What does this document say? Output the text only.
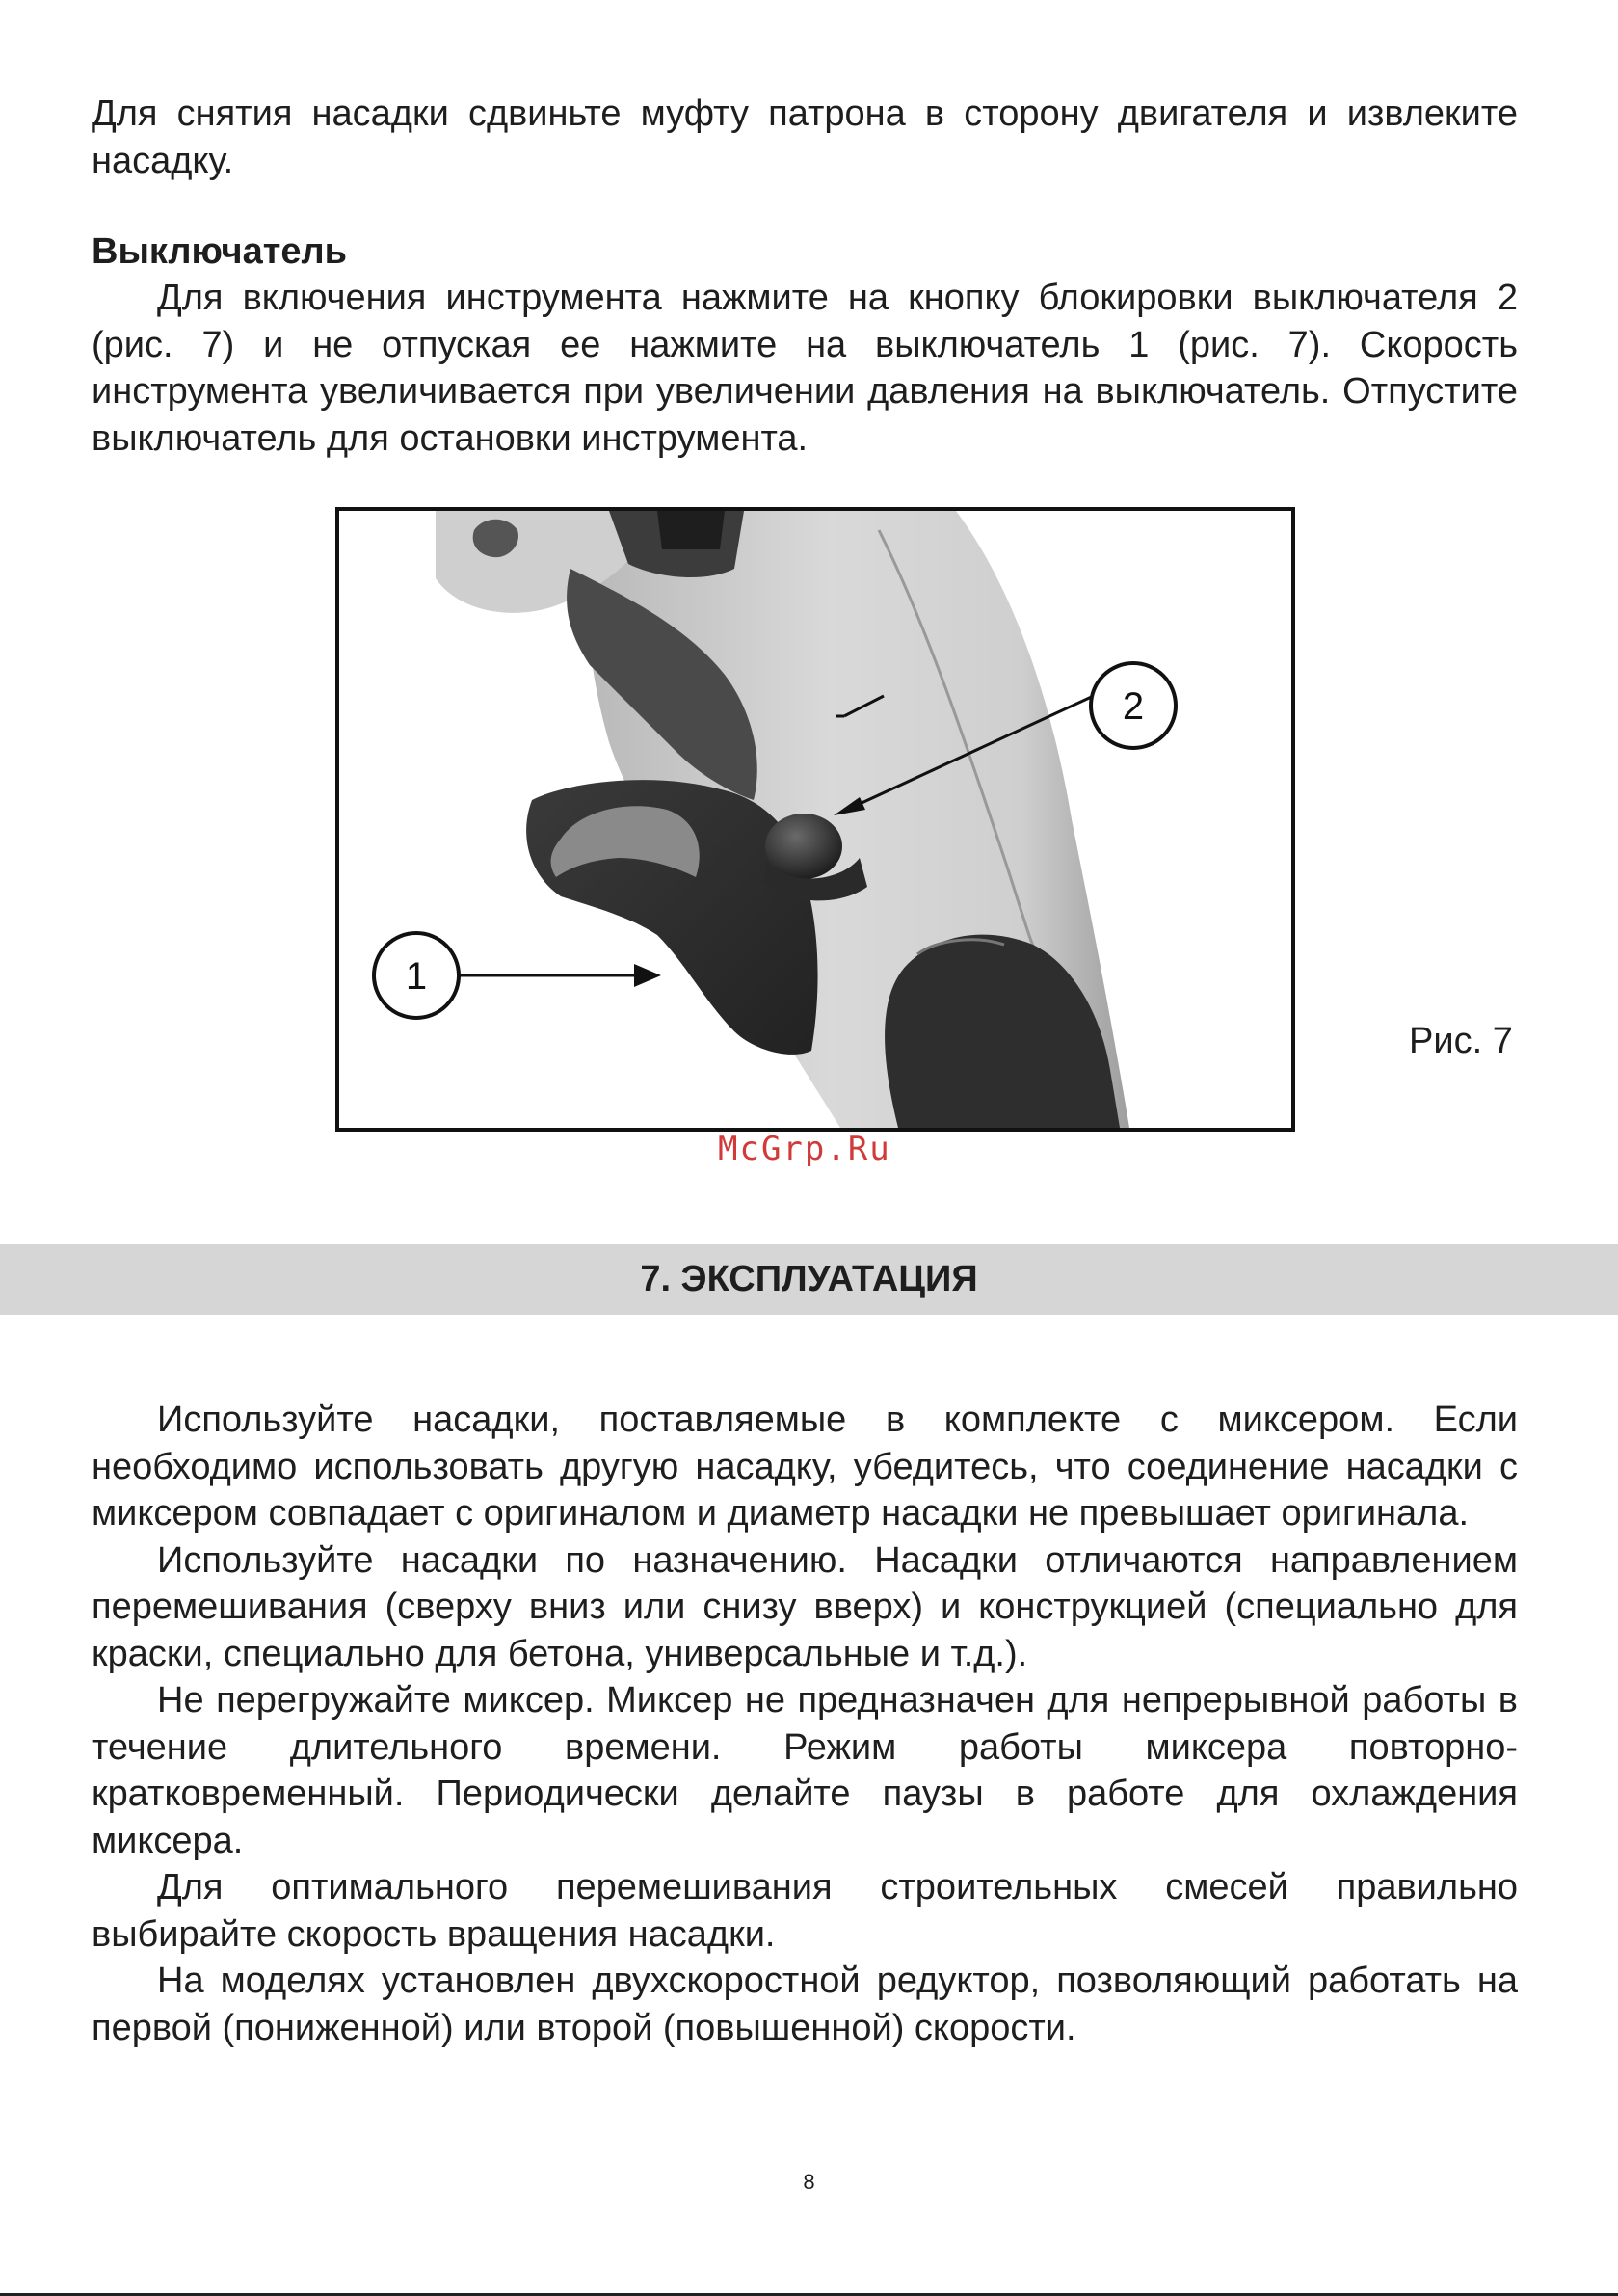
Для снятия насадки сдвиньте муфту патрона в сторону двигателя и извлеките насадку.

Выключатель

Для включения инструмента нажмите на кнопку блокировки выключателя 2 (рис. 7) и не отпуская ее нажмите на выключатель 1 (рис. 7). Скорость инструмента увеличивается при увеличении давления на выключатель. Отпустите выключатель для остановки инструмента.

2
1

Рис. 7

McGrp.Ru

7. ЭКСПЛУАТАЦИЯ

Используйте насадки, поставляемые в комплекте с миксером. Если необходимо использовать другую насадку, убедитесь, что соединение насадки с миксером совпадает с оригиналом и диаметр насадки не превышает оригинала.

Используйте насадки по назначению. Насадки отличаются направлением перемешивания (сверху вниз или снизу вверх) и конструкцией (специально для краски, специально для бетона, универсальные и т.д.).

Не перегружайте миксер. Миксер не предназначен для непрерывной работы в течение длительного времени. Режим работы миксера повторно-кратковременный. Периодически делайте паузы в работе для охлаждения миксера.

Для оптимального перемешивания строительных смесей правильно выбирайте скорость вращения насадки.

На моделях установлен двухскоростной редуктор, позволяющий работать на первой (пониженной) или второй (повышенной) скорости.

8
